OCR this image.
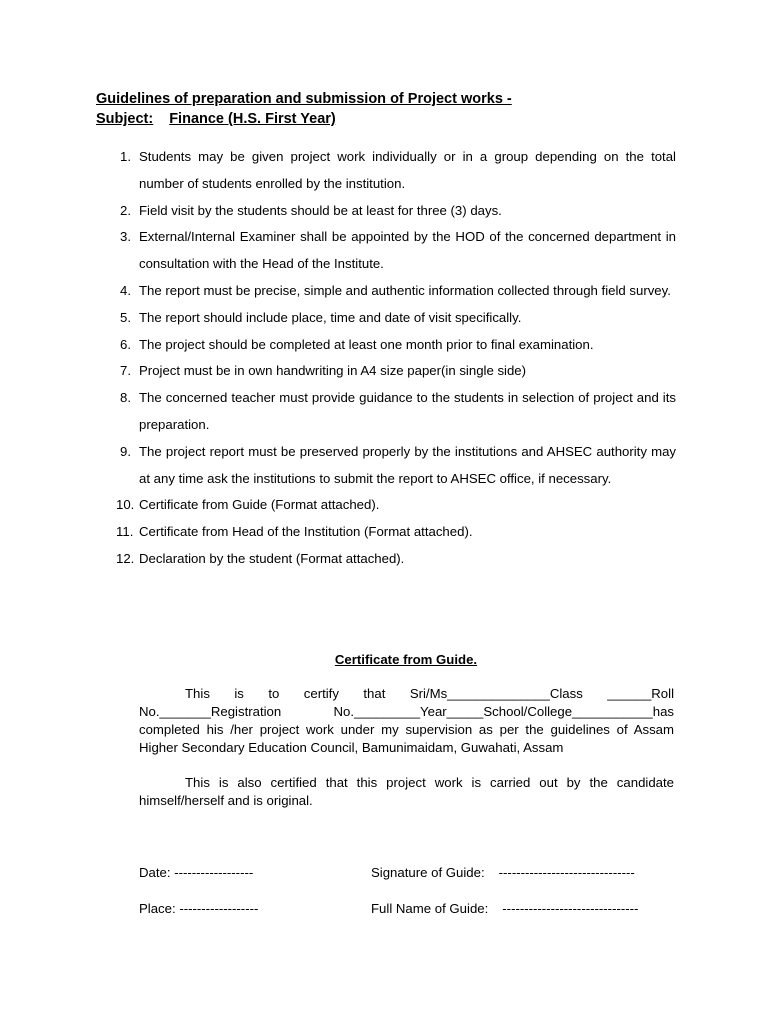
Guidelines of preparation and submission of Project works -
Subject: Finance (H.S. First Year)
1. Students may be given project work individually or in a group depending on the total number of students enrolled by the institution.
2. Field visit by the students should be at least for three (3) days.
3. External/Internal Examiner shall be appointed by the HOD of the concerned department in consultation with the Head of the Institute.
4. The report must be precise, simple and authentic information collected through field survey.
5. The report should include place, time and date of visit specifically.
6. The project should be completed at least one month prior to final examination.
7. Project must be in own handwriting in A4 size paper(in single side)
8. The concerned teacher must provide guidance to the students in selection of project and its preparation.
9. The project report must be preserved properly by the institutions and AHSEC authority may at any time ask the institutions to submit the report to AHSEC office, if necessary.
10. Certificate from Guide (Format attached).
11. Certificate from Head of the Institution (Format attached).
12. Declaration by the student (Format attached).
Certificate from Guide.

This is to certify that Sri/Ms______________Class ______Roll No._______Registration No._________Year_____School/College___________has completed his /her project work under my supervision as per the guidelines of Assam Higher Secondary Education Council, Bamunimaidam, Guwahati, Assam

This is also certified that this project work is carried out by the candidate himself/herself and is original.

Date: ------------------

Place: ------------------

Signature of Guide: -------------------------------

Full Name of Guide: -------------------------------
